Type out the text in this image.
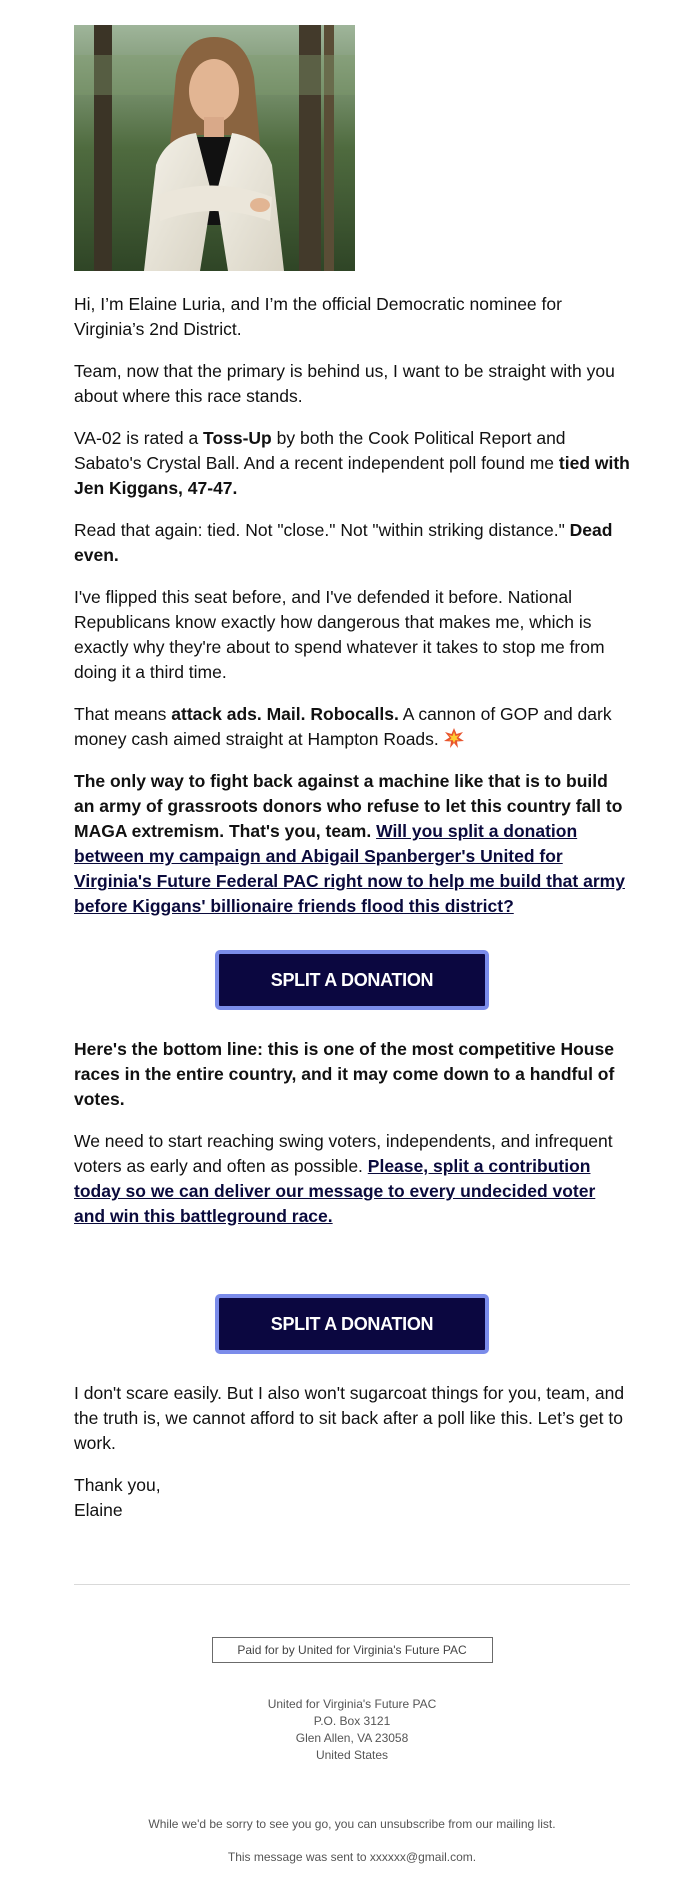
Hi, I’m Elaine Luria, and I’m the official Democratic nominee for Virginia’s 2nd District.

Team, now that the primary is behind us, I want to be straight with you about where this race stands.

VA-02 is rated a Toss-Up by both the Cook Political Report and Sabato's Crystal Ball. And a recent independent poll found me tied with Jen Kiggans, 47-47.

Read that again: tied. Not "close." Not "within striking distance." Dead even.

I've flipped this seat before, and I've defended it before. National Republicans know exactly how dangerous that makes me, which is exactly why they're about to spend whatever it takes to stop me from doing it a third time.

That means attack ads. Mail. Robocalls. A cannon of GOP and dark money cash aimed straight at Hampton Roads.

The only way to fight back against a machine like that is to build an army of grassroots donors who refuse to let this country fall to MAGA extremism. That's you, team. Will you split a donation between my campaign and Abigail Spanberger's United for Virginia's Future Federal PAC right now to help me build that army before Kiggans' billionaire friends flood this district?

SPLIT A DONATION

Here's the bottom line: this is one of the most competitive House races in the entire country, and it may come down to a handful of votes.

We need to start reaching swing voters, independents, and infrequent voters as early and often as possible. Please, split a contribution today so we can deliver our message to every undecided voter and win this battleground race.

SPLIT A DONATION

I don't scare easily. But I also won't sugarcoat things for you, team, and the truth is, we cannot afford to sit back after a poll like this. Let’s get to work.

Thank you,
Elaine

Paid for by United for Virginia's Future PAC
United for Virginia's Future PAC
P.O. Box 3121
Glen Allen, VA 23058
United States
While we'd be sorry to see you go, you can unsubscribe from our mailing list.
This message was sent to xxxxxx@gmail.com.
